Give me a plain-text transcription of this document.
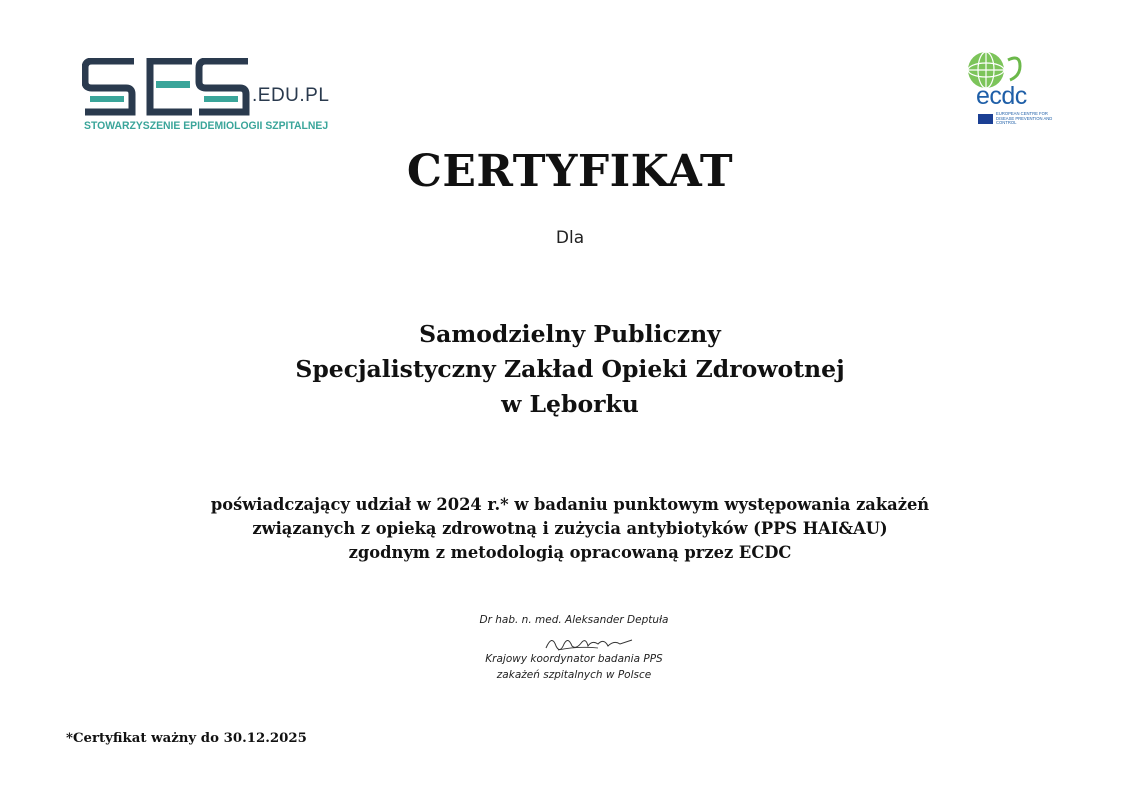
.EDU.PL
STOWARZYSZENIE EPIDEMIOLOGII SZPITALNEJ
ecdc
EUROPEAN CENTRE FOR DISEASE PREVENTION AND CONTROL
CERTYFIKAT
Dla
Samodzielny Publiczny
Specjalistyczny Zakład Opieki Zdrowotnej
w Lęborku
poświadczający udział w 2024 r.* w badaniu punktowym występowania zakażeń
związanych z opieką zdrowotną i zużycia antybiotyków (PPS HAI&AU)
zgodnym z metodologią opracowaną przez ECDC
Dr hab. n. med. Aleksander Deptuła
Krajowy koordynator badania PPS
zakażeń szpitalnych w Polsce
*Certyfikat ważny do 30.12.2025
